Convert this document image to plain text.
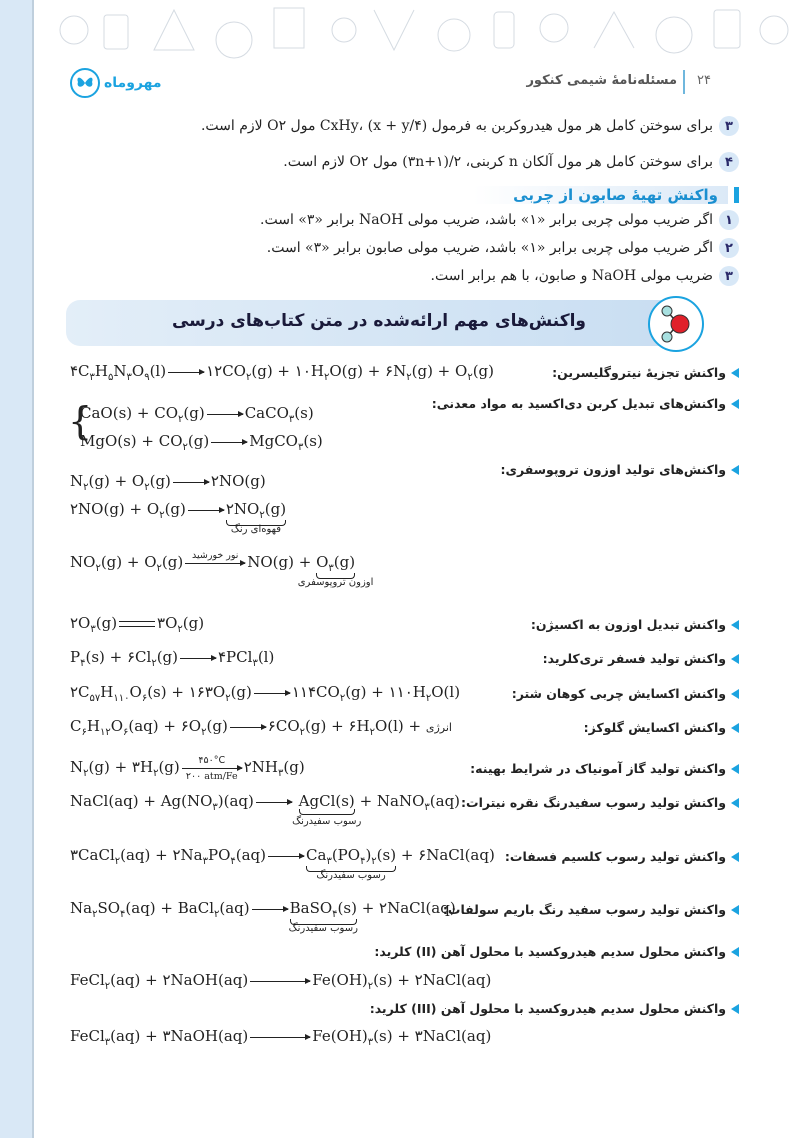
مهروماه	مسئله‌نامهٔ شیمی کنکور ۲۴
۳
برای سوختن کامل هر مول هیدروکربن به فرمول CxHy، (x + y/۴) مول O۲ لازم است.
۴
برای سوختن کامل هر مول آلکان n کربنی، (۳n+۱)/۲ مول O۲ لازم است.
واکنش تهیهٔ صابون از چربی
۱
اگر ضریب مولی چربی برابر «۱» باشد، ضریب مولی NaOH برابر «۳» است.
۲
اگر ضریب مولی چربی برابر «۱» باشد، ضریب مولی صابون برابر «۳» است.
۳
ضریب مولی NaOH و صابون، با هم برابر است.
واکنش‌های مهم ارائه‌شده در متن کتاب‌های درسی
واکنش تجزیهٔ نیتروگلیسرین:
$۴C_۳H_۵N_۳O_۹(l)$ → $۱۲CO_۲(g)$ + $۱۰H_۲O(g)$ + $۶N_۲(g) + O_۲(g)$
واکنش‌های تبدیل کربن دی‌اکسید به مواد معدنی:
{
$CaO(s) + CO_۲(g)$ → CaCO$_۳$(s)
$MgO(s) + CO_۲(g)$ → MgCO$_۳$(s)
واکنش‌های تولید اوزون تروپوسفری:
$N_۲(g) + O_۲(g)$ → ۲NO(g)
۲NO(g) + $O_۲(g)$ → $۲NO_۲(g)$
قهوه‌ای رنگ
$NO_۲(g) + O_۲(g)$ نور خورشید $NO(g) + O_۳(g)$
اوزون تروپوسفری
واکنش تبدیل اوزون به اکسیژن:
$۲O_۳(g)$	$۳O_۲(g)$
واکنش تولید فسفر تری‌کلرید:
$P_۴(s)$ + $۶Cl_۲(g)$ → ۴PCl$_۳$(l)
واکنش اکسایش چربی کوهان شتر:
$۲C_{۵۷}H_{۱۱۰}O_۶(s)$ + $۱۶۳O_۲(g)$ → $۱۱۴CO_۲(g)$ + $۱۱۰H_۲O(l)$
واکنش اکسایش گلوکز:
$C_۶H_{۱۲}O_۶(aq)$ + $۶O_۲(g)$ → $۶CO_۲(g)$ + $۶H_۲O(l)$ + انرژی
واکنش تولید گاز آمونیاک در شرایط بهینه:
$N_۲(g)$ + $۳H_۲(g)$	۴۵۰°C
۲۰۰ atm/Fe $۲NH_۳(g)$
واکنش تولید رسوب سفیدرنگ نقره نیترات:
NaCl(aq) + $Ag(NO_۳)(aq)$ → AgCl(s)
رسوب سفیدرنگ
+ NaNO$_۳$(aq)
واکنش تولید رسوب کلسیم فسفات:
۳CaCl$_۲$(aq) + $۲Na_۳PO_۴(aq) \to Ca_۳(PO_۴)_۲(s)$
رسوب سفیدرنگ
+ ۶NaCl(aq)
واکنش تولید رسوب سفید رنگ باریم سولفات:
$Na_۲SO_۴(aq)$ + BaCl$_۲$(aq) → BaSO$_۴$(s)
رسوب سفیدرنگ
+ ۲NaCl(aq)
واکنش محلول سدیم هیدروکسید با محلول آهن (II) کلرید:
FeCl$_۲$(aq) + ۲NaOH(aq) → $Fe(OH)_۲(s)$ + ۲NaCl(aq)
واکنش محلول سدیم هیدروکسید با محلول آهن (III) کلرید:
FeCl$_۳$(aq) + ۳NaOH(aq) → $Fe(OH)_۳(s)$ + ۳NaCl(aq)
